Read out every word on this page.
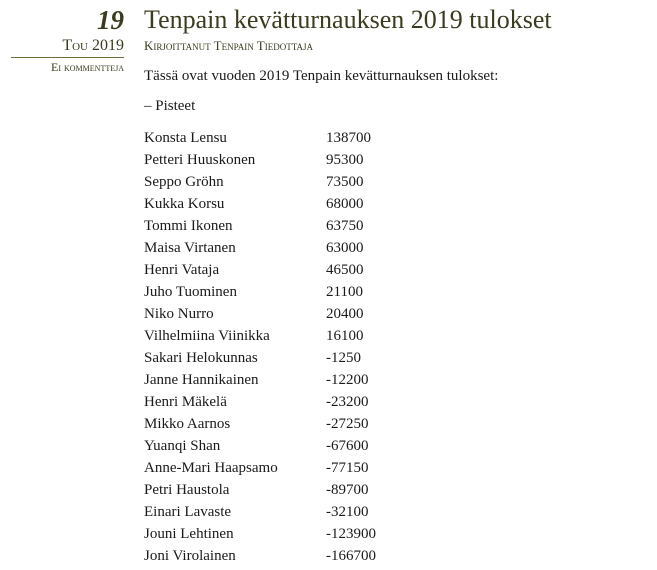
19
Tou 2019
Ei kommentteja
Tenpain kevätturnauksen 2019 tulokset
Kirjoittanut Tenpain Tiedottaja
Tässä ovat vuoden 2019 Tenpain kevätturnauksen tulokset:
– Pisteet
Konsta Lensu	138700
Petteri Huuskonen	95300
Seppo Gröhn	73500
Kukka Korsu	68000
Tommi Ikonen	63750
Maisa Virtanen	63000
Henri Vataja	46500
Juho Tuominen	21100
Niko Nurro	20400
Vilhelmiina Viinikka	16100
Sakari Helokunnas	-1250
Janne Hannikainen	-12200
Henri Mäkelä	-23200
Mikko Aarnos	-27250
Yuanqi Shan	-67600
Anne-Mari Haapsamo	-77150
Petri Haustola	-89700
Einari Lavaste	-32100
Jouni Lehtinen	-123900
Joni Virolainen	-166700
